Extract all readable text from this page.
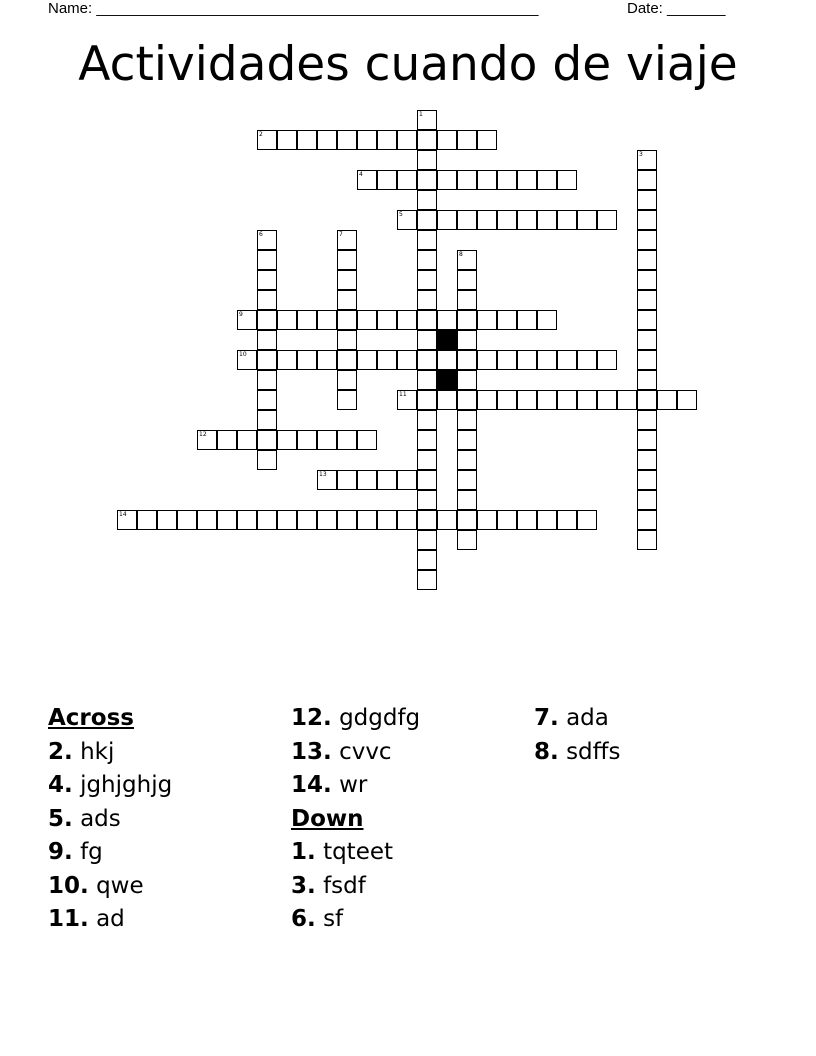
Name: _____________________________________________________	Date: _______
Actividades cuando de viaje
1
2
3
4
5
6	7
8
9
10
11
12
13
14
Across
2. hkj
4. jghjghjg
5. ads
9. fg
10. qwe
11. ad
12. gdgdfg
13. cvvc
14. wr
Down
1. tqteet
3. fsdf
6. sf
7. ada
8. sdffs
